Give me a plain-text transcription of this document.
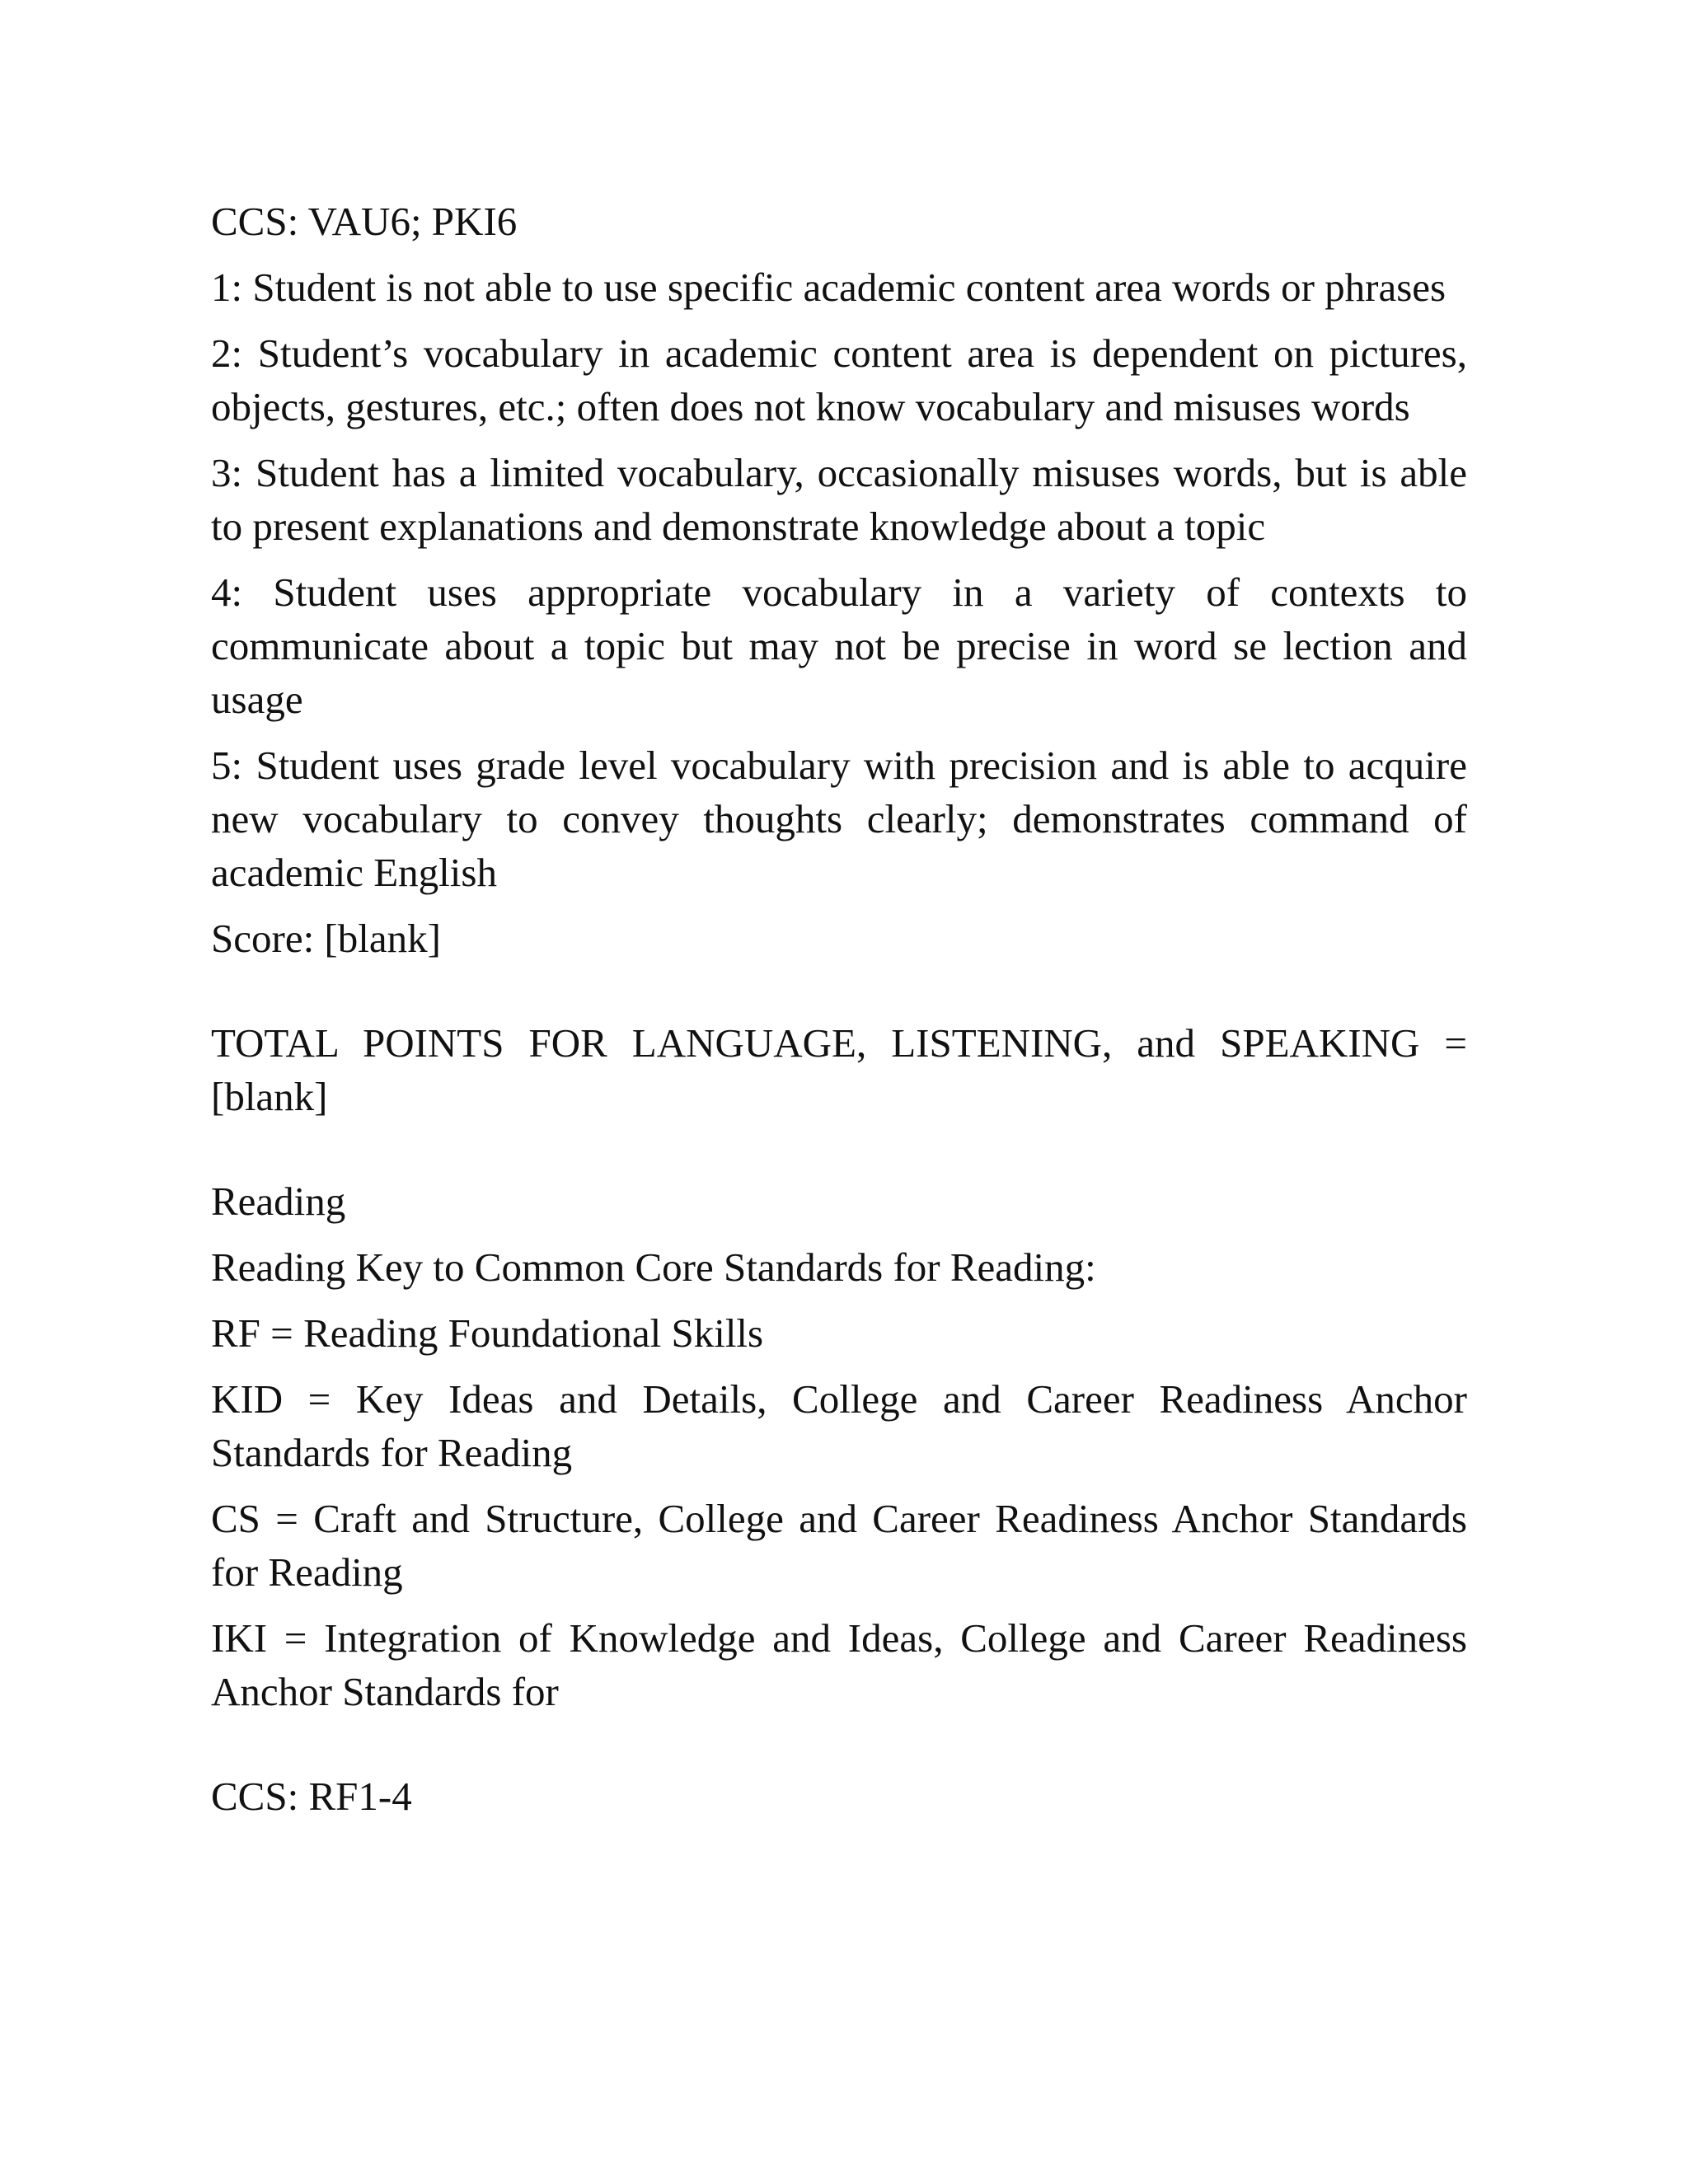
CCS: VAU6; PKI6

1: Student is not able to use specific academic content area words or phrases

2: Student’s vocabulary in academic content area is dependent on pictures, objects, gestures, etc.; often does not know vocabulary and misuses words

3: Student has a limited vocabulary, occasionally misuses words, but is able to present explanations and demonstrate knowledge about a topic

4: Student uses appropriate vocabulary in a variety of contexts to communicate about a topic but may not be precise in word se lection and usage

5: Student uses grade level vocabulary with precision and is able to acquire new vocabulary to convey thoughts clearly; demonstrates command of academic English

Score: [blank]

TOTAL POINTS FOR LANGUAGE, LISTENING, and SPEAKING = [blank]

Reading

Reading Key to Common Core Standards for Reading:

RF = Reading Foundational Skills

KID = Key Ideas and Details, College and Career Readiness Anchor Standards for Reading

CS = Craft and Structure, College and Career Readiness Anchor Standards for Reading

IKI = Integration of Knowledge and Ideas, College and Career Readiness Anchor Standards for

CCS: RF1-4
